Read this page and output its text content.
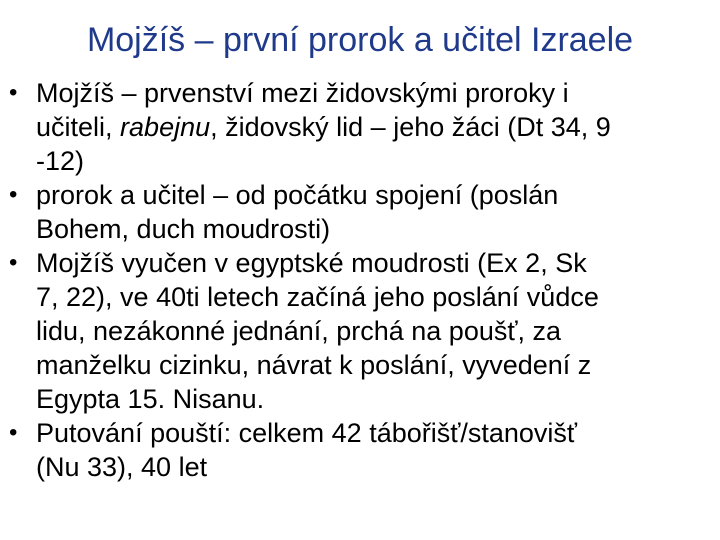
Mojžíš – první prorok a učitel Izraele
• Mojžíš – prvenství mezi židovskými proroky i
učiteli, rabejnu, židovský lid – jeho žáci (Dt 34, 9
-12)
• prorok a učitel – od počátku spojení (poslán
Bohem, duch moudrosti)
• Mojžíš vyučen v egyptské moudrosti (Ex 2, Sk
7, 22), ve 40ti letech začíná jeho poslání vůdce
lidu, nezákonné jednání, prchá na poušť, za
manželku cizinku, návrat k poslání, vyvedení z
Egypta 15. Nisanu.
• Putování pouští: celkem 42 tábořišť/stanovišť
(Nu 33), 40 let
